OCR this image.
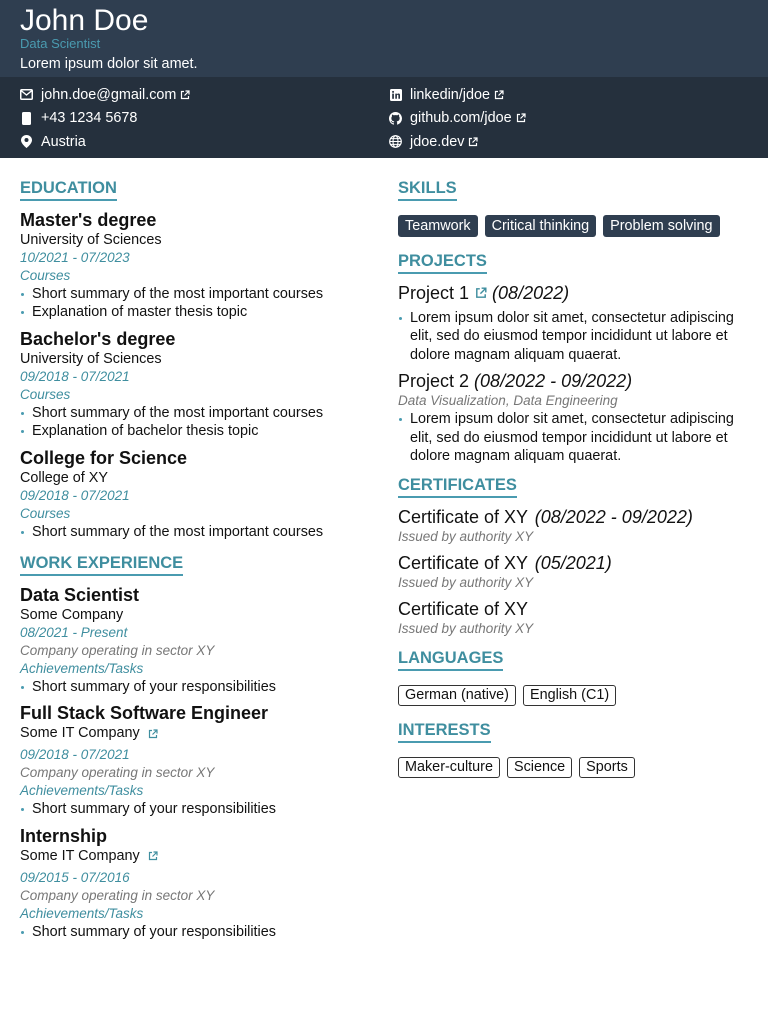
John Doe
Data Scientist
Lorem ipsum dolor sit amet.
john.doe@gmail.com
+43 1234 5678
Austria
linkedin/jdoe
github.com/jdoe
jdoe.dev
EDUCATION
Master's degree
University of Sciences
10/2021 - 07/2023
Courses
Short summary of the most important courses
Explanation of master thesis topic
Bachelor's degree
University of Sciences
09/2018 - 07/2021
Courses
Short summary of the most important courses
Explanation of bachelor thesis topic
College for Science
College of XY
09/2018 - 07/2021
Courses
Short summary of the most important courses
WORK EXPERIENCE
Data Scientist
Some Company
08/2021 - Present
Company operating in sector XY
Achievements/Tasks
Short summary of your responsibilities
Full Stack Software Engineer
Some IT Company
09/2018 - 07/2021
Company operating in sector XY
Achievements/Tasks
Short summary of your responsibilities
Internship
Some IT Company
09/2015 - 07/2016
Company operating in sector XY
Achievements/Tasks
Short summary of your responsibilities
SKILLS
Teamwork	Critical thinking	Problem solving
PROJECTS
Project 1 (08/2022)
Lorem ipsum dolor sit amet, consectetur adipiscing elit, sed do eiusmod tempor incididunt ut labore et dolore magnam aliquam quaerat.
Project 2 (08/2022 - 09/2022)
Data Visualization, Data Engineering
Lorem ipsum dolor sit amet, consectetur adipiscing elit, sed do eiusmod tempor incididunt ut labore et dolore magnam aliquam quaerat.
CERTIFICATES
Certificate of XY (08/2022 - 09/2022)
Issued by authority XY
Certificate of XY (05/2021)
Issued by authority XY
Certificate of XY
Issued by authority XY
LANGUAGES
German (native)	English (C1)
INTERESTS
Maker-culture	Science	Sports
